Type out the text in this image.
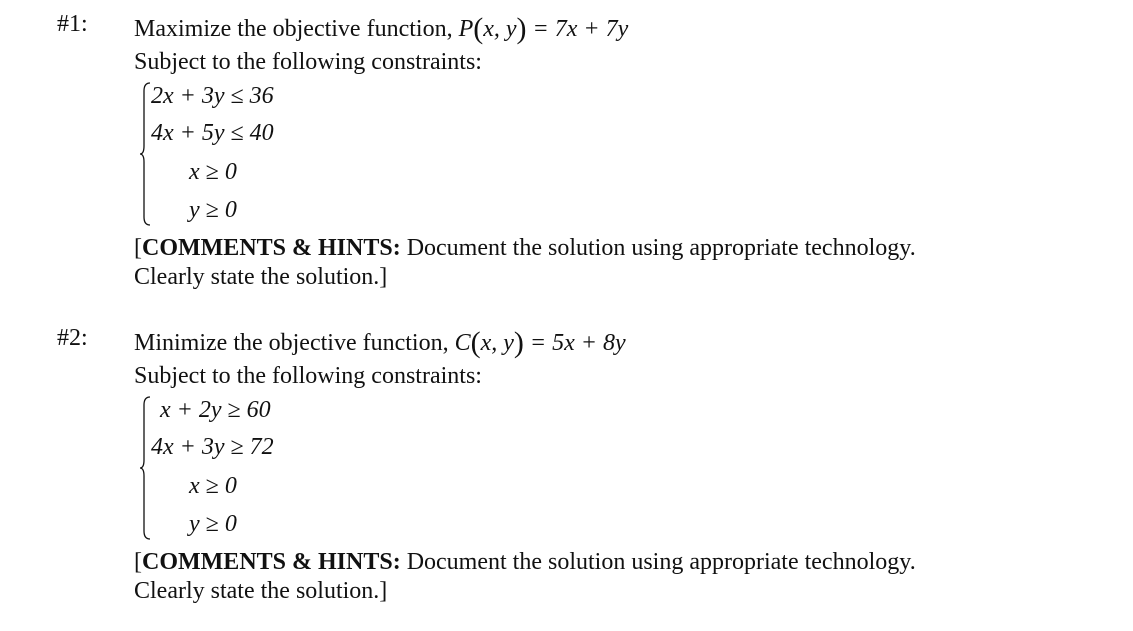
#1: Maximize the objective function, P(x, y) = 7x + 7y
Subject to the following constraints:
2x + 3y ≤ 36
4x + 5y ≤ 40
x ≥ 0
y ≥ 0
[COMMENTS & HINTS: Document the solution using appropriate technology.
Clearly state the solution.]
#2: Minimize the objective function, C(x, y) = 5x + 8y
Subject to the following constraints:
x + 2y ≥ 60
4x + 3y ≥ 72
x ≥ 0
y ≥ 0
[COMMENTS & HINTS: Document the solution using appropriate technology.
Clearly state the solution.]
